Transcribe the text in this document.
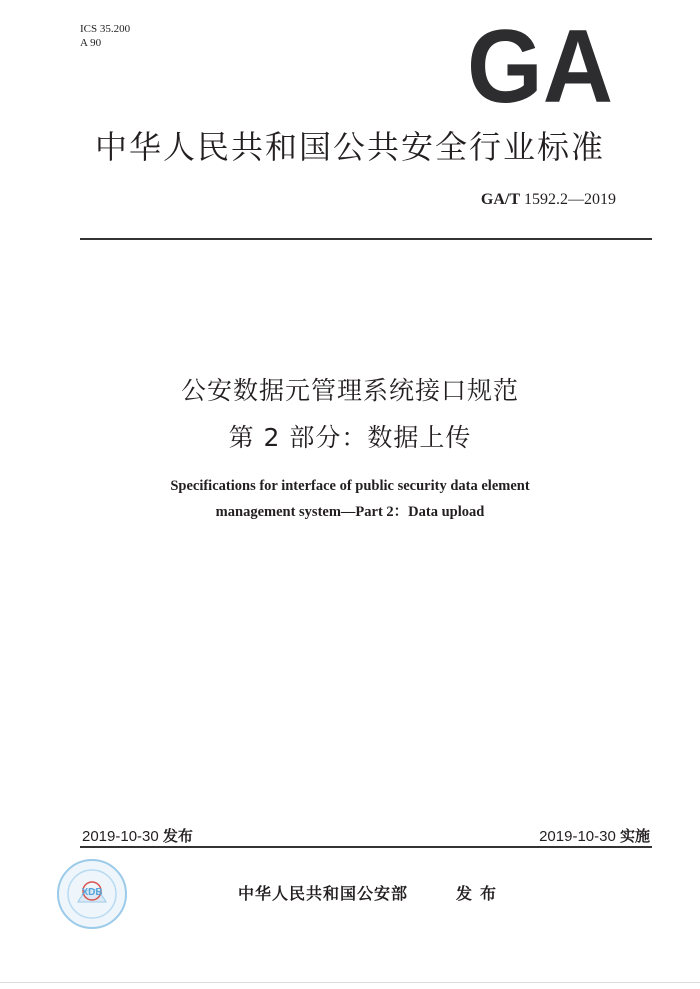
ICS 35.200
A 90	GA
中华人民共和国公共安全行业标准
GA/T 1592.2—2019
公安数据元管理系统接口规范
第 2 部分：数据上传
Specifications for interface of public security data element
management system—Part 2：Data upload
2019-10-30 发布	2019-10-30 实施
XDB	中华人民共和国公安部	发布
